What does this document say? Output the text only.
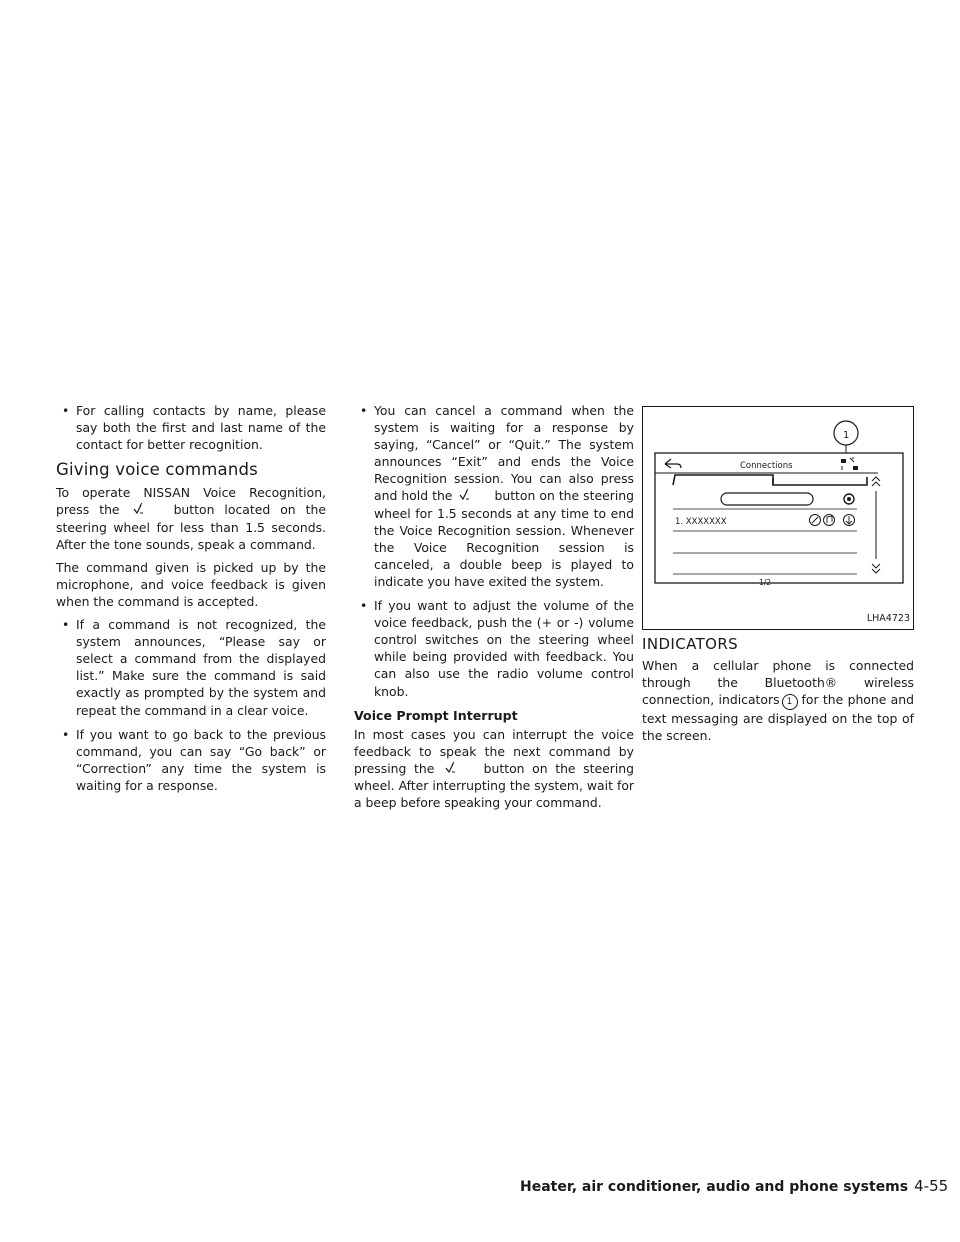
• For calling contacts by name, please say both the first and last name of the contact for better recognition.
Giving voice commands

To operate NISSAN Voice Recognition, press the	button located on the steering wheel for less than 1.5 seconds. After the tone sounds, speak a command.

The command given is picked up by the microphone, and voice feedback is given when the command is accepted.

• If a command is not recognized, the system announces, “Please say or select a command from the displayed list.” Make sure the command is said exactly as prompted by the system and repeat the command in a clear voice.
• If you want to go back to the previous command, you can say “Go back” or “Correction” any time the system is waiting for a response.
• You can cancel a command when the system is waiting for a response by saying, “Cancel” or “Quit.” The system announces “Exit” and ends the Voice Recognition session. You can also press and hold the	button on the steering wheel for 1.5 seconds at any time to end the Voice Recognition session. Whenever the Voice Recognition session is canceled, a double beep is played to indicate you have exited the system.
• If you want to adjust the volume of the voice feedback, push the (+ or -) volume control switches on the steering wheel while being provided with feedback. You can also use the radio volume control knob.
Voice Prompt Interrupt

In most cases you can interrupt the voice feedback to speak the next command by pressing the	button on the steering wheel. After interrupting the system, wait for a beep before speaking your command.

1
Connections
1. XXXXXXX
1/2
LHA4723
INDICATORS

When a cellular phone is connected through the Bluetooth® wireless connection, indicators 1 for the phone and text messaging are displayed on the top of the screen.

Heater, air conditioner, audio and phone systems 4-55
